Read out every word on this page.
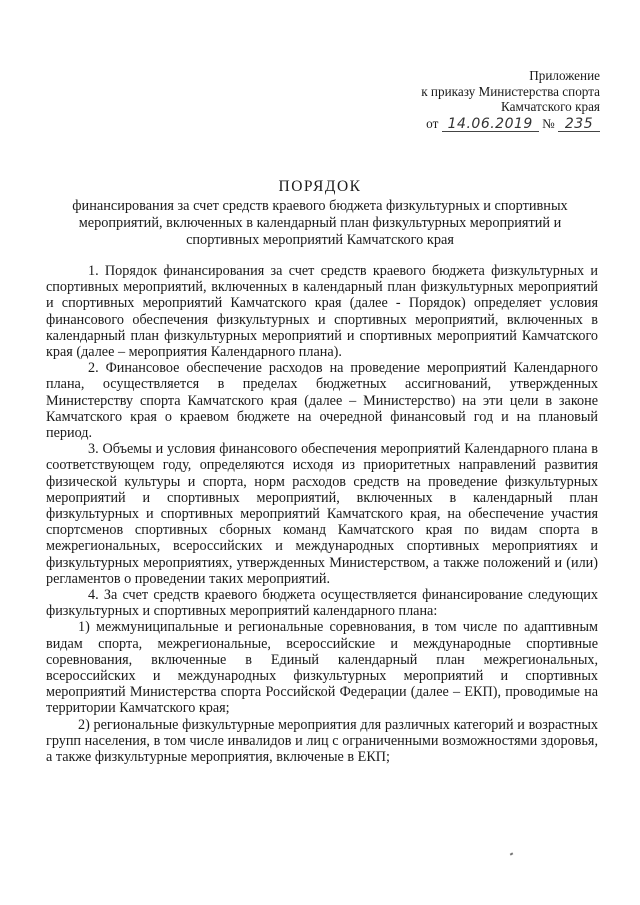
Приложение
к приказу Министерства спорта
Камчатского края
от 14.06.2019 № 235
ПОРЯДОК
финансирования за счет средств краевого бюджета физкультурных и спортивных
мероприятий, включенных в календарный план физкультурных мероприятий и
спортивных мероприятий Камчатского края

1. Порядок финансирования за счет средств краевого бюджета физкультурных и спортивных мероприятий, включенных в календарный план физкультурных мероприятий и спортивных мероприятий Камчатского края (далее - Порядок) определяет условия финансового обеспечения физкультурных и спортивных мероприятий, включенных в календарный план физкультурных мероприятий и спортивных мероприятий Камчатского края (далее – мероприятия Календарного плана).

2. Финансовое обеспечение расходов на проведение мероприятий Календарного плана, осуществляется в пределах бюджетных ассигнований, утвержденных Министерству спорта Камчатского края (далее – Министерство) на эти цели в законе Камчатского края о краевом бюджете на очередной финансовый год и на плановый период.

3. Объемы и условия финансового обеспечения мероприятий Календарного плана в соответствующем году, определяются исходя из приоритетных направлений развития физической культуры и спорта, норм расходов средств на проведение физкультурных мероприятий и спортивных мероприятий, включенных в календарный план физкультурных и спортивных мероприятий Камчатского края, на обеспечение участия спортсменов спортивных сборных команд Камчатского края по видам спорта в межрегиональных, всероссийских и международных спортивных мероприятиях и физкультурных мероприятиях, утвержденных Министерством, а также положений и (или) регламентов о проведении таких мероприятий.

4. За счет средств краевого бюджета осуществляется финансирование следующих физкультурных и спортивных мероприятий календарного плана:

1) межмуниципальные и региональные соревнования, в том числе по адаптивным видам спорта, межрегиональные, всероссийские и международные спортивные соревнования, включенные в Единый календарный план межрегиональных, всероссийских и международных физкультурных мероприятий и спортивных мероприятий Министерства спорта Российской Федерации (далее – ЕКП), проводимые на территории Камчатского края;

2) региональные физкультурные мероприятия для различных категорий и возрастных групп населения, в том числе инвалидов и лиц с ограниченными возможностями здоровья, а также физкультурные мероприятия, включеные в ЕКП;
